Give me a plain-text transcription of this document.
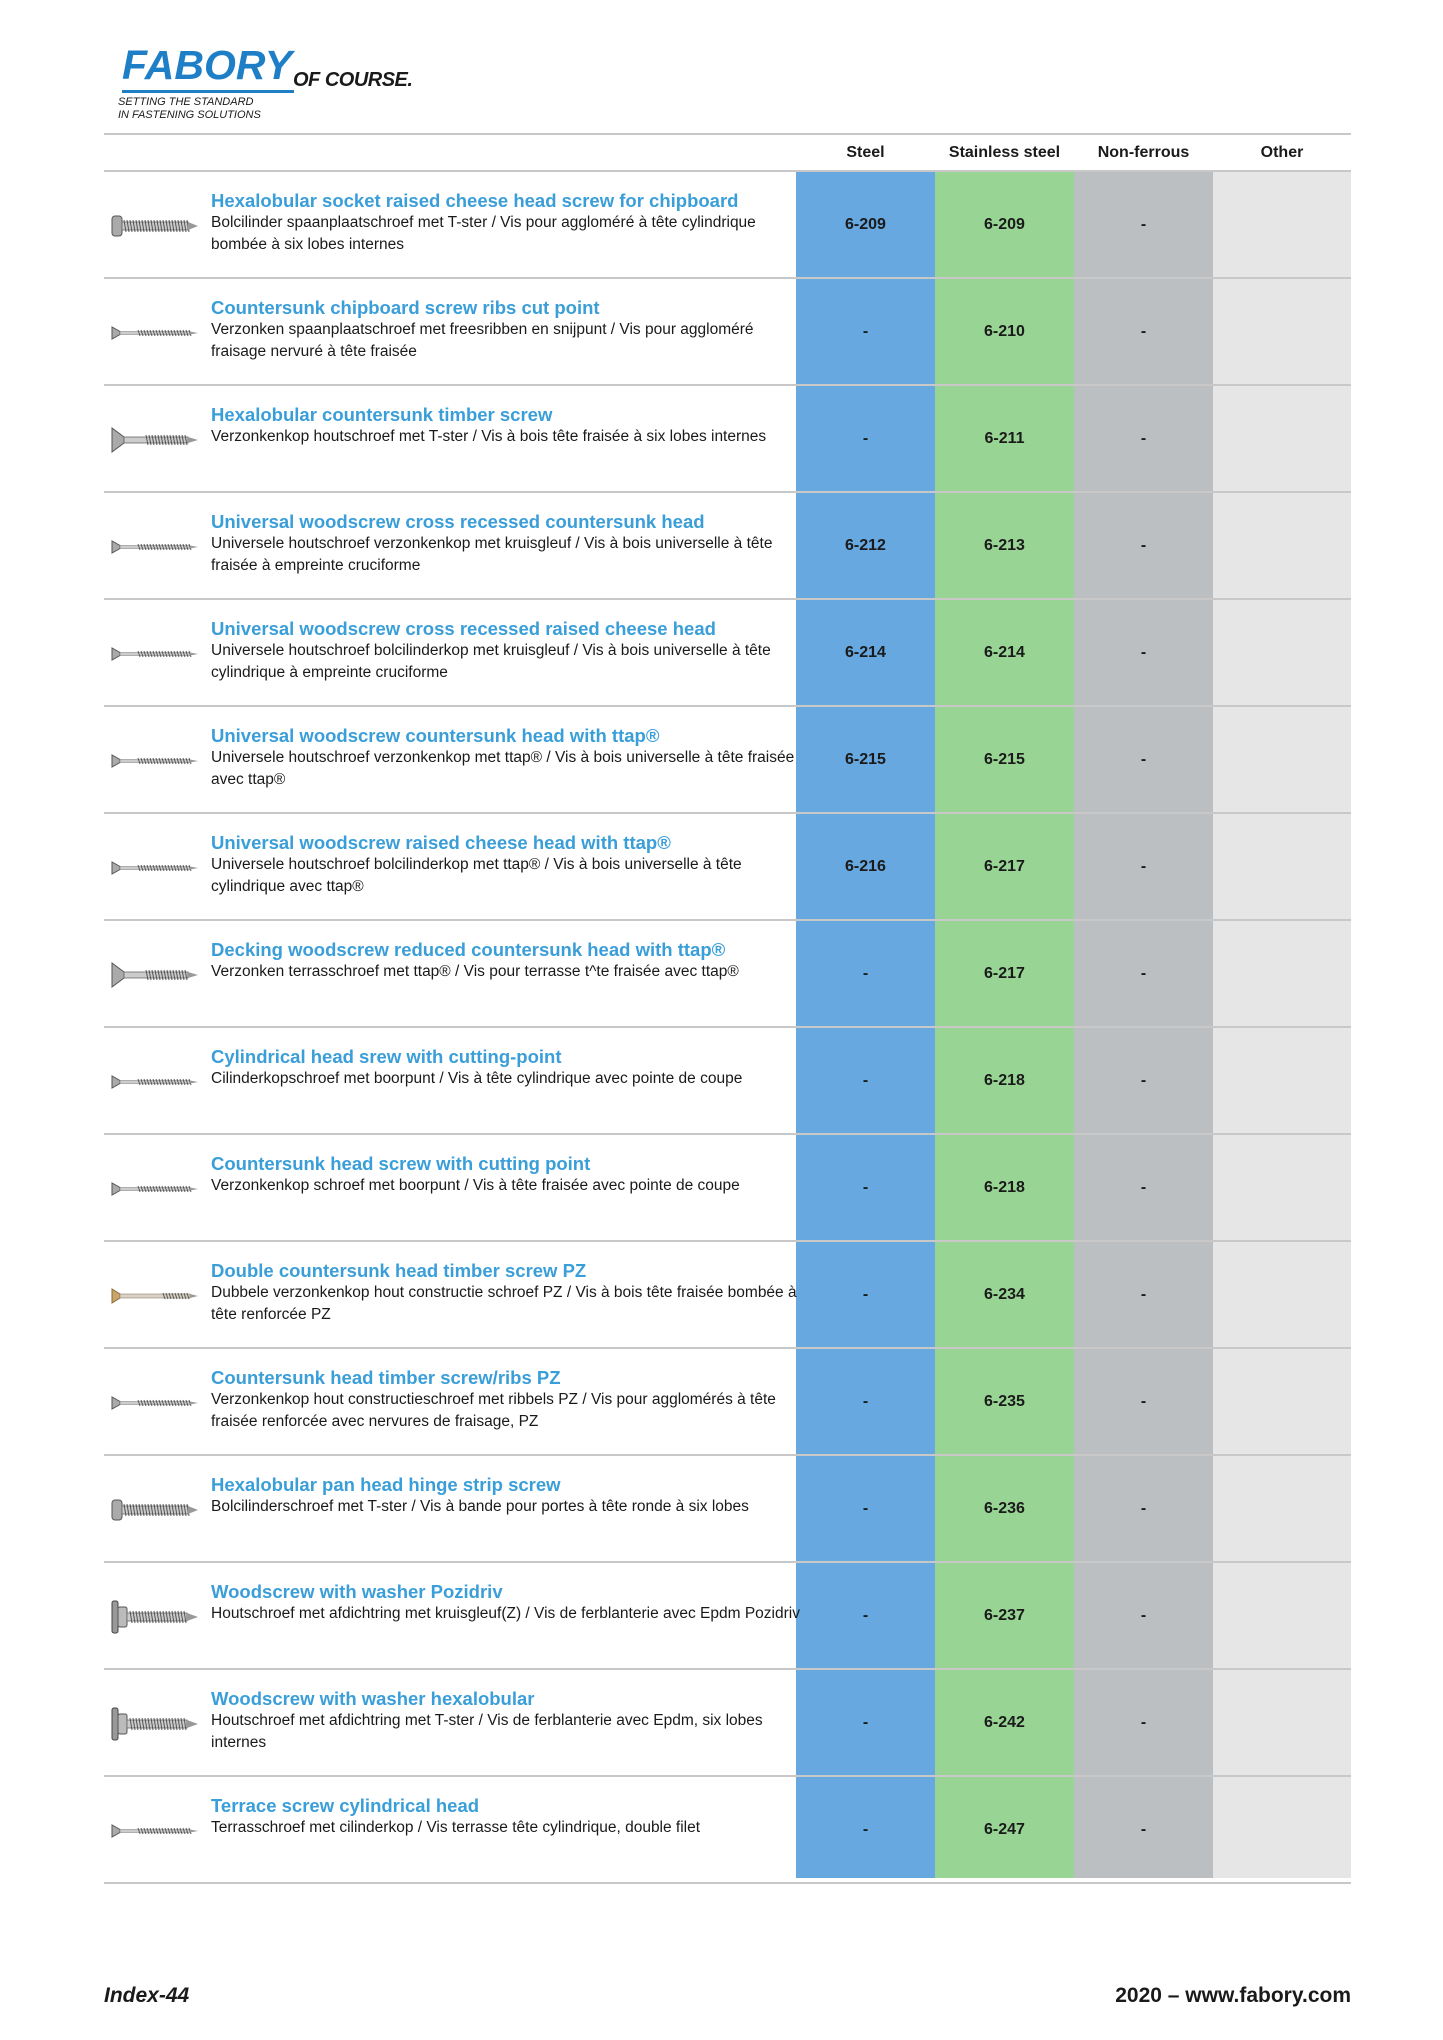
FABORY OF COURSE.
SETTING THE STANDARD
IN FASTENING SOLUTIONS
Steel	Stainless steel	Non-ferrous	Other
Hexalobular socket raised cheese head screw for chipboard
Bolcilinder spaanplaatschroef met T-ster / Vis pour aggloméré à tête cylindrique bombée à six lobes internes
6-209	6-209	-
Countersunk chipboard screw ribs cut point
Verzonken spaanplaatschroef met freesribben en snijpunt / Vis pour aggloméré fraisage nervuré à tête fraisée
-	6-210	-
Hexalobular countersunk timber screw
Verzonkenkop houtschroef met T-ster / Vis à bois tête fraisée à six lobes internes	-	6-211	-
Universal woodscrew cross recessed countersunk head
Universele houtschroef verzonkenkop met kruisgleuf / Vis à bois universelle à tête fraisée à empreinte cruciforme
6-212	6-213	-
Universal woodscrew cross recessed raised cheese head
Universele houtschroef bolcilinderkop met kruisgleuf / Vis à bois universelle à tête cylindrique à empreinte cruciforme
6-214	6-214	-
Universal woodscrew countersunk head with ttap®
Universele houtschroef verzonkenkop met ttap® / Vis à bois universelle à tête fraisée avec ttap®
6-215	6-215	-
Universal woodscrew raised cheese head with ttap®
Universele houtschroef bolcilinderkop met ttap® / Vis à bois universelle à tête cylindrique avec ttap®
6-216	6-217	-
Decking woodscrew reduced countersunk head with ttap®
Verzonken terrasschroef met ttap® / Vis pour terrasse t^te fraisée avec ttap®	-	6-217	-
Cylindrical head srew with cutting-point
Cilinderkopschroef met boorpunt / Vis à tête cylindrique avec pointe de coupe	-	6-218	-
Countersunk head screw with cutting point
Verzonkenkop schroef met boorpunt / Vis à tête fraisée avec pointe de coupe	-	6-218	-
Double countersunk head timber screw PZ
Dubbele verzonkenkop hout constructie schroef PZ / Vis à bois tête fraisée bombée à tête renforcée PZ
-	6-234	-
Countersunk head timber screw/ribs PZ
Verzonkenkop hout constructieschroef met ribbels PZ / Vis pour agglomérés à tête fraisée renforcée avec nervures de fraisage, PZ
-	6-235	-
Hexalobular pan head hinge strip screw
Bolcilinderschroef met T-ster / Vis à bande pour portes à tête ronde à six lobes	-	6-236	-
Woodscrew with washer Pozidriv
Houtschroef met afdichtring met kruisgleuf(Z) / Vis de ferblanterie avec Epdm Pozidriv	-	6-237	-
Woodscrew with washer hexalobular
Houtschroef met afdichtring met T-ster / Vis de ferblanterie avec Epdm, six lobes internes
-	6-242	-
Terrace screw cylindrical head
Terrasschroef met cilinderkop / Vis terrasse tête cylindrique, double filet	-	6-247	-
Index-44	2020 – www.fabory.com
